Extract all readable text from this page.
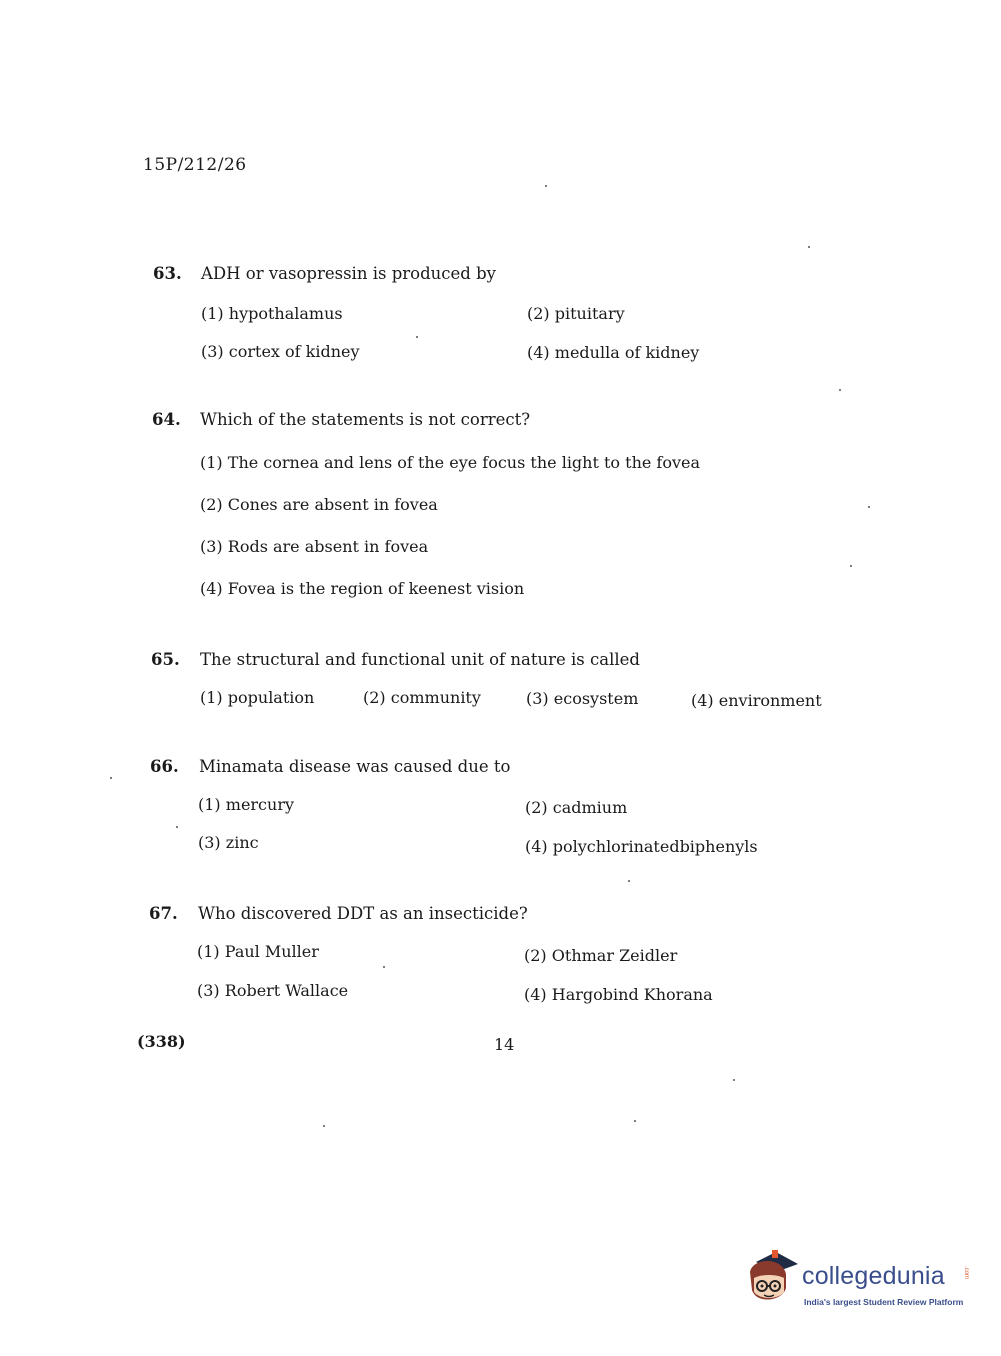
15P/212/26
63. ADH or vasopressin is produced by
(1) hypothalamus	(2) pituitary
(3) cortex of kidney	(4) medulla of kidney
64. Which of the statements is not correct?
(1) The cornea and lens of the eye focus the light to the fovea
(2) Cones are absent in fovea
(3) Rods are absent in fovea
(4) Fovea is the region of keenest vision
65. The structural and functional unit of nature is called
(1) population	(2) community	(3) ecosystem	(4) environment
66. Minamata disease was caused due to
(1) mercury	(2) cadmium
(3) zinc	(4) polychlorinatedbiphenyls
67. Who discovered DDT as an insecticide?
(1) Paul Muller	(2) Othmar Zeidler
(3) Robert Wallace	(4) Hargobind Khorana
(338)	14
collegedunia	.com
India's largest Student Review Platform
